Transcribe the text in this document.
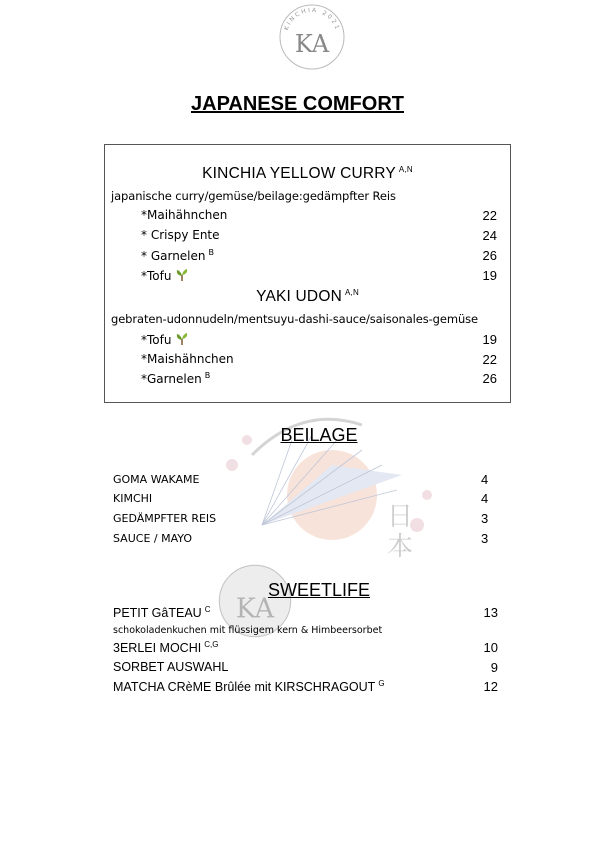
KINCHIA 2021
KA
日
本
KA
JAPANESE COMFORT
KINCHIA YELLOW CURRY $^{A,N}$
japanische curry/gemüse/beilage:gedämpfter Reis
*Maihähnchen	22
* Crispy Ente	24
* Garnelen $^B$	26
*Tofu	19
YAKI UDON $^{A,N}$
gebraten-udonnudeln/mentsuyu-dashi-sauce/saisonales-gemüse
*Tofu	19
*Maishähnchen	22
*Garnelen $^B$	26
BEILAGE
GOMA WAKAME	4
KIMCHI	4
GEDÄMPFTER REIS	3
SAUCE / MAYO	3
SWEETLIFE
PETIT GâTEAU $^C$	13
schokoladenkuchen mit flüssigem kern & Himbeersorbet
3ERLEI MOCHI $^{C,G}$	10
SORBET AUSWAHL	9
MATCHA CRèME Brûlée mit KIRSCHRAGOUT $^G$	12
